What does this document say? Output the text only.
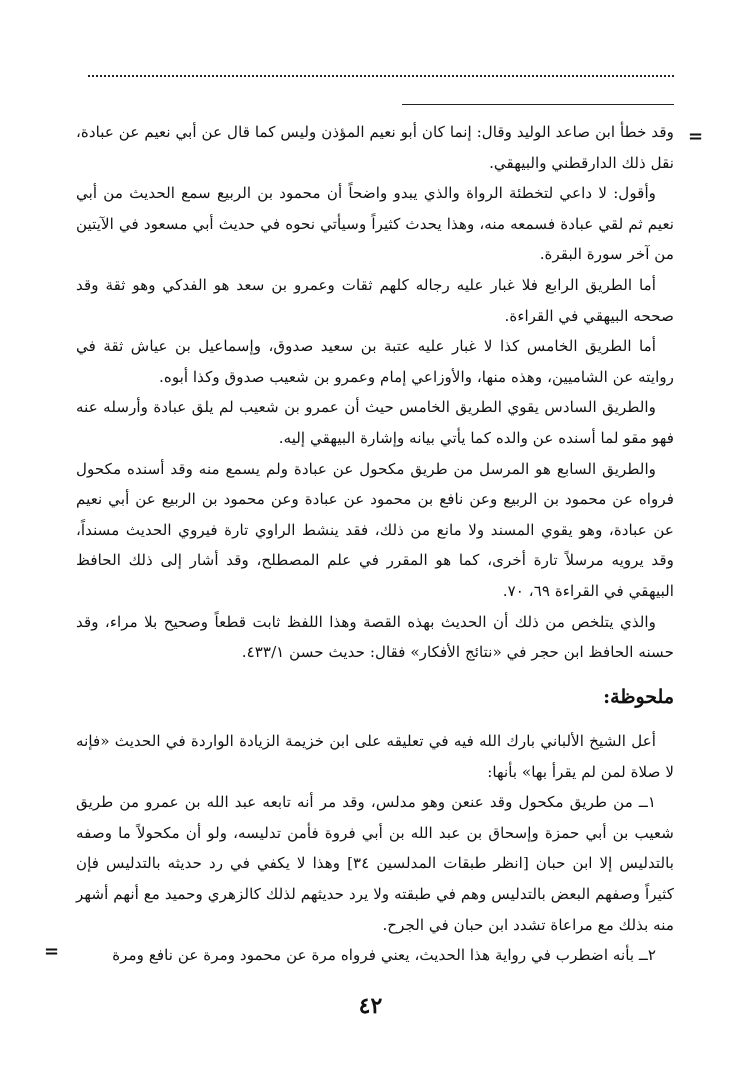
=

وقد خطأ ابن صاعد الوليد وقال: إنما كان أبو نعيم المؤذن وليس كما قال عن أبي نعيم عن عبادة، نقل ذلك الدارقطني والبيهقي.

وأقول: لا داعي لتخطئة الرواة والذي يبدو واضحاً أن محمود بن الربيع سمع الحديث من أبي نعيم ثم لقي عبادة فسمعه منه، وهذا يحدث كثيراً وسيأتي نحوه في حديث أبي مسعود في الآيتين من آخر سورة البقرة.

أما الطريق الرابع فلا غبار عليه رجاله كلهم ثقات وعمرو بن سعد هو الفدكي وهو ثقة وقد صححه البيهقي في القراءة.

أما الطريق الخامس كذا لا غبار عليه عتبة بن سعيد صدوق، وإسماعيل بن عياش ثقة في روايته عن الشاميين، وهذه منها، والأوزاعي إمام وعمرو بن شعيب صدوق وكذا أبوه.

والطريق السادس يقوي الطريق الخامس حيث أن عمرو بن شعيب لم يلق عبادة وأرسله عنه فهو مقو لما أسنده عن والده كما يأتي بيانه وإشارة البيهقي إليه.

والطريق السابع هو المرسل من طريق مكحول عن عبادة ولم يسمع منه وقد أسنده مكحول فرواه عن محمود بن الربيع وعن نافع بن محمود عن عبادة وعن محمود بن الربيع عن أبي نعيم عن عبادة، وهو يقوي المسند ولا مانع من ذلك، فقد ينشط الراوي تارة فيروي الحديث مسنداً، وقد يرويه مرسلاً تارة أخرى، كما هو المقرر في علم المصطلح، وقد أشار إلى ذلك الحافظ البيهقي في القراءة ٦٩، ٧٠.

والذي يتلخص من ذلك أن الحديث بهذه القصة وهذا اللفظ ثابت قطعاً وصحيح بلا مراء، وقد حسنه الحافظ ابن حجر في «نتائج الأفكار» فقال: حديث حسن ٤٣٣/١.

ملحوظة:

أعل الشيخ الألباني بارك الله فيه في تعليقه على ابن خزيمة الزيادة الواردة في الحديث «فإنه لا صلاة لمن لم يقرأ بها» بأنها:

١ــ من طريق مكحول وقد عنعن وهو مدلس، وقد مر أنه تابعه عبد الله بن عمرو من طريق شعيب بن أبي حمزة وإسحاق بن عبد الله بن أبي فروة فأمن تدليسه، ولو أن مكحولاً ما وصفه بالتدليس إلا ابن حبان [انظر طبقات المدلسين ٣٤] وهذا لا يكفي في رد حديثه بالتدليس فإن كثيراً وصفهم البعض بالتدليس وهم في طبقته ولا يرد حديثهم لذلك كالزهري وحميد مع أنهم أشهر منه بذلك مع مراعاة تشدد ابن حبان في الجرح.

٢ــ بأنه اضطرب في رواية هذا الحديث، يعني فرواه مرة عن محمود ومرة عن نافع ومرة

=
٤٢
